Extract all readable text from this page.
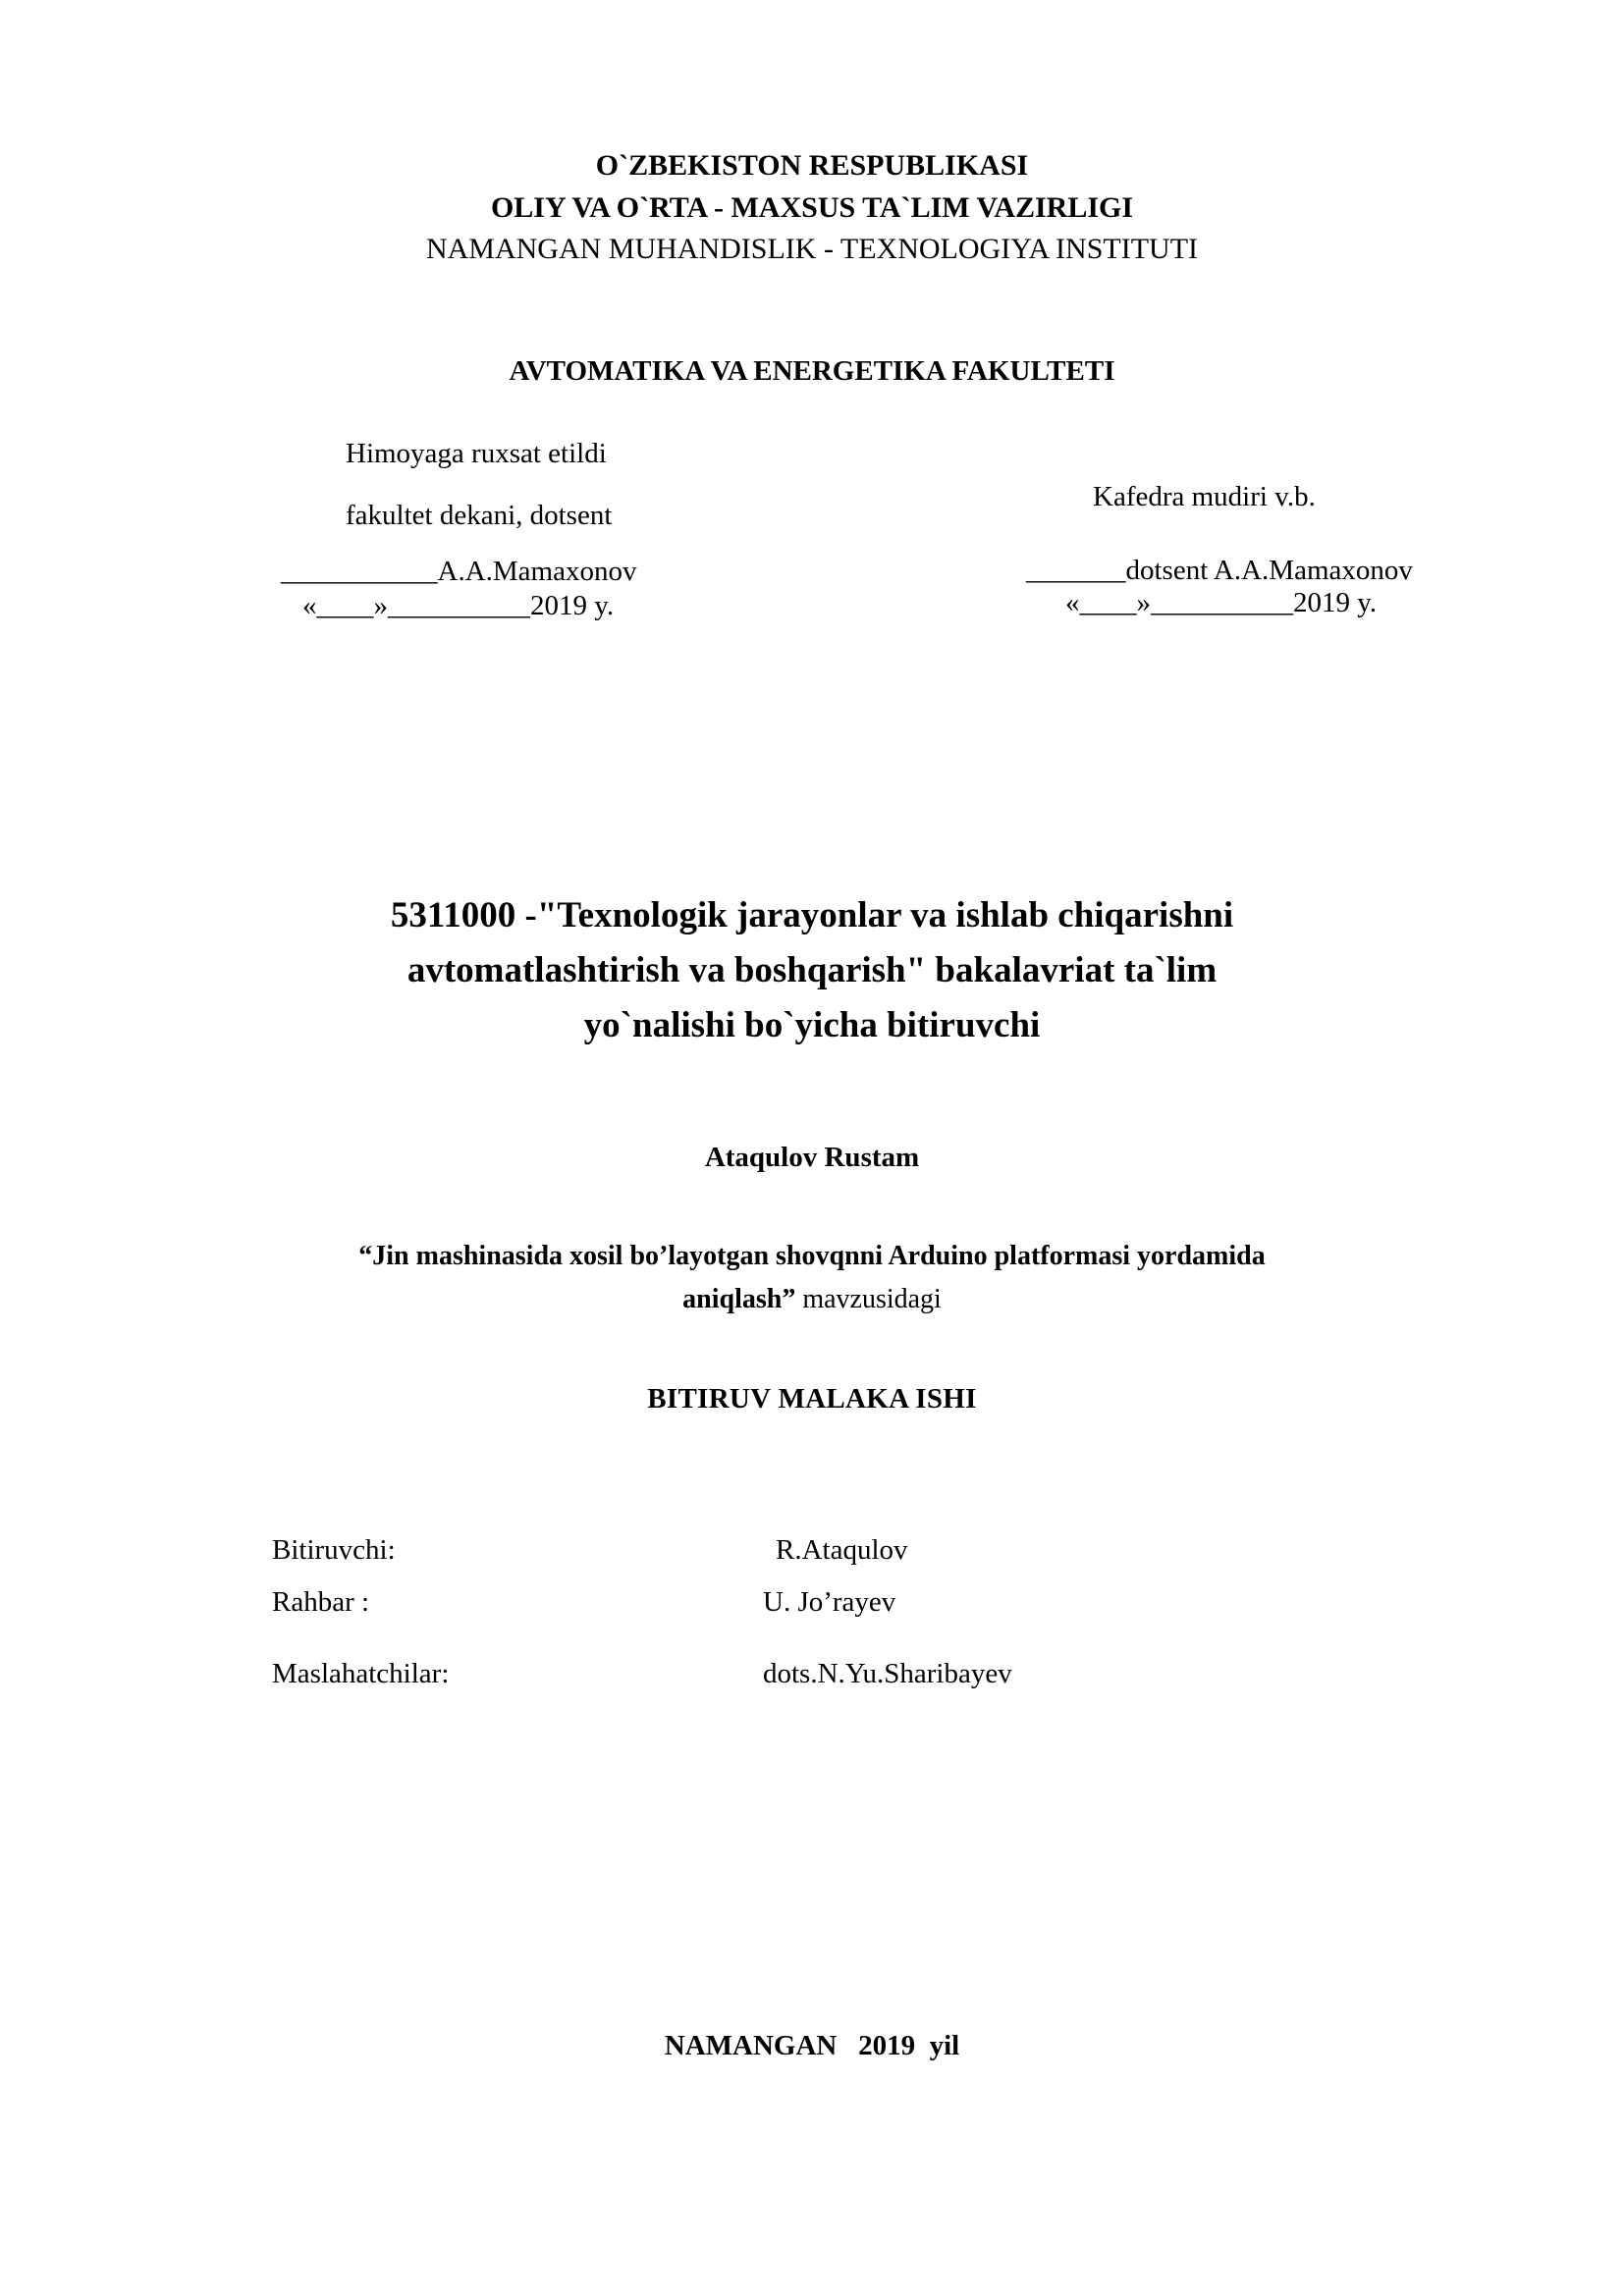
O`ZBEKISTON RESPUBLIKASI
OLIY VA O`RTA - MAXSUS TA`LIM VAZIRLIGI
NAMANGAN MUHANDISLIK - TEXNOLOGIYA INSTITUTI
AVTOMATIKA VA ENERGETIKA FAKULTETI
Himoyaga ruxsat etildi
fakultet dekani, dotsent
___________A.A.Mamaxonov
«____»__________2019 y.
Kafedra mudiri v.b.
_______dotsent A.A.Mamaxonov
«____»__________2019 y.
5311000 -"Texnologik jarayonlar va ishlab chiqarishni
avtomatlashtirish va boshqarish" bakalavriat ta`lim
yo`nalishi bo`yicha bitiruvchi
Ataqulov Rustam
“Jin mashinasida xosil bo’layotgan shovqnni Arduino platformasi yordamida
aniqlash” mavzusidagi
BITIRUV MALAKA ISHI
Bitiruvchi:	R.Ataqulov
Rahbar :	U. Jo’rayev
Maslahatchilar:	dots.N.Yu.Sharibayev
NAMANGAN   2019  yil
